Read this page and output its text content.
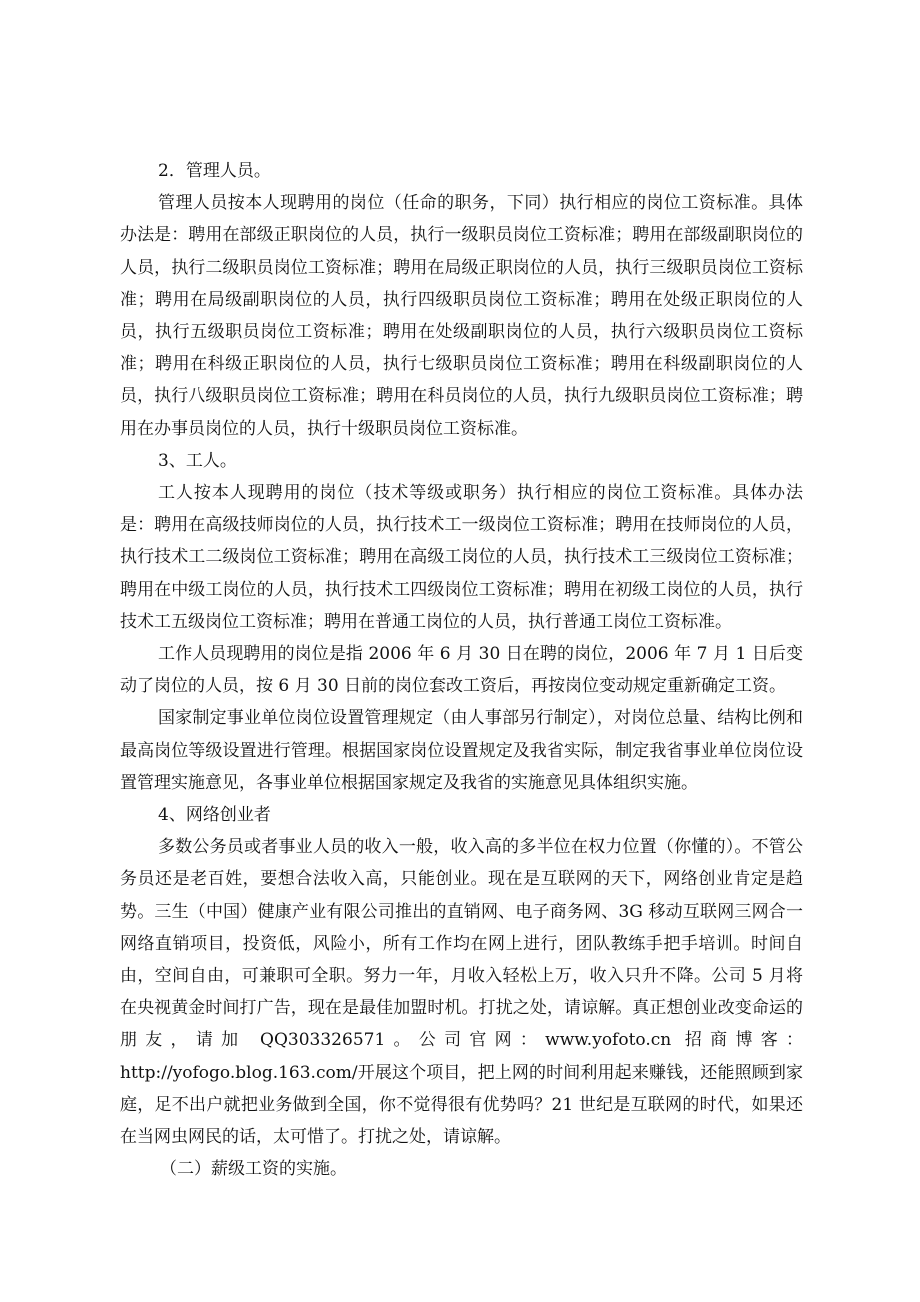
2．管理人员。

管理人员按本人现聘用的岗位（任命的职务，下同）执行相应的岗位工资标准。具体办法是：聘用在部级正职岗位的人员，执行一级职员岗位工资标准；聘用在部级副职岗位的人员，执行二级职员岗位工资标准；聘用在局级正职岗位的人员，执行三级职员岗位工资标准；聘用在局级副职岗位的人员，执行四级职员岗位工资标准；聘用在处级正职岗位的人员，执行五级职员岗位工资标准；聘用在处级副职岗位的人员，执行六级职员岗位工资标准；聘用在科级正职岗位的人员，执行七级职员岗位工资标准；聘用在科级副职岗位的人员，执行八级职员岗位工资标准；聘用在科员岗位的人员，执行九级职员岗位工资标准；聘用在办事员岗位的人员，执行十级职员岗位工资标准。

3、工人。

工人按本人现聘用的岗位（技术等级或职务）执行相应的岗位工资标准。具体办法是：聘用在高级技师岗位的人员，执行技术工一级岗位工资标准；聘用在技师岗位的人员，执行技术工二级岗位工资标准；聘用在高级工岗位的人员，执行技术工三级岗位工资标准；聘用在中级工岗位的人员，执行技术工四级岗位工资标准；聘用在初级工岗位的人员，执行技术工五级岗位工资标准；聘用在普通工岗位的人员，执行普通工岗位工资标准。

工作人员现聘用的岗位是指 2006 年 6 月 30 日在聘的岗位，2006 年 7 月 1 日后变动了岗位的人员，按 6 月 30 日前的岗位套改工资后，再按岗位变动规定重新确定工资。

国家制定事业单位岗位设置管理规定（由人事部另行制定），对岗位总量、结构比例和最高岗位等级设置进行管理。根据国家岗位设置规定及我省实际，制定我省事业单位岗位设置管理实施意见，各事业单位根据国家规定及我省的实施意见具体组织实施。

4、网络创业者

多数公务员或者事业人员的收入一般，收入高的多半位在权力位置（你懂的）。不管公务员还是老百姓，要想合法收入高，只能创业。现在是互联网的天下，网络创业肯定是趋势。三生（中国）健康产业有限公司推出的直销网、电子商务网、3G 移动互联网三网合一网络直销项目，投资低，风险小，所有工作均在网上进行，团队教练手把手培训。时间自由，空间自由，可兼职可全职。努力一年，月收入轻松上万，收入只升不降。公司 5 月将在央视黄金时间打广告，现在是最佳加盟时机。打扰之处，请谅解。真正想创业改变命运的朋友，请加 QQ303326571。公司官网：www.yofoto.cn 招商博客：http://yofogo.blog.163.com/开展这个项目，把上网的时间利用起来赚钱，还能照顾到家庭，足不出户就把业务做到全国，你不觉得很有优势吗？21 世纪是互联网的时代，如果还在当网虫网民的话，太可惜了。打扰之处，请谅解。

（二）薪级工资的实施。
